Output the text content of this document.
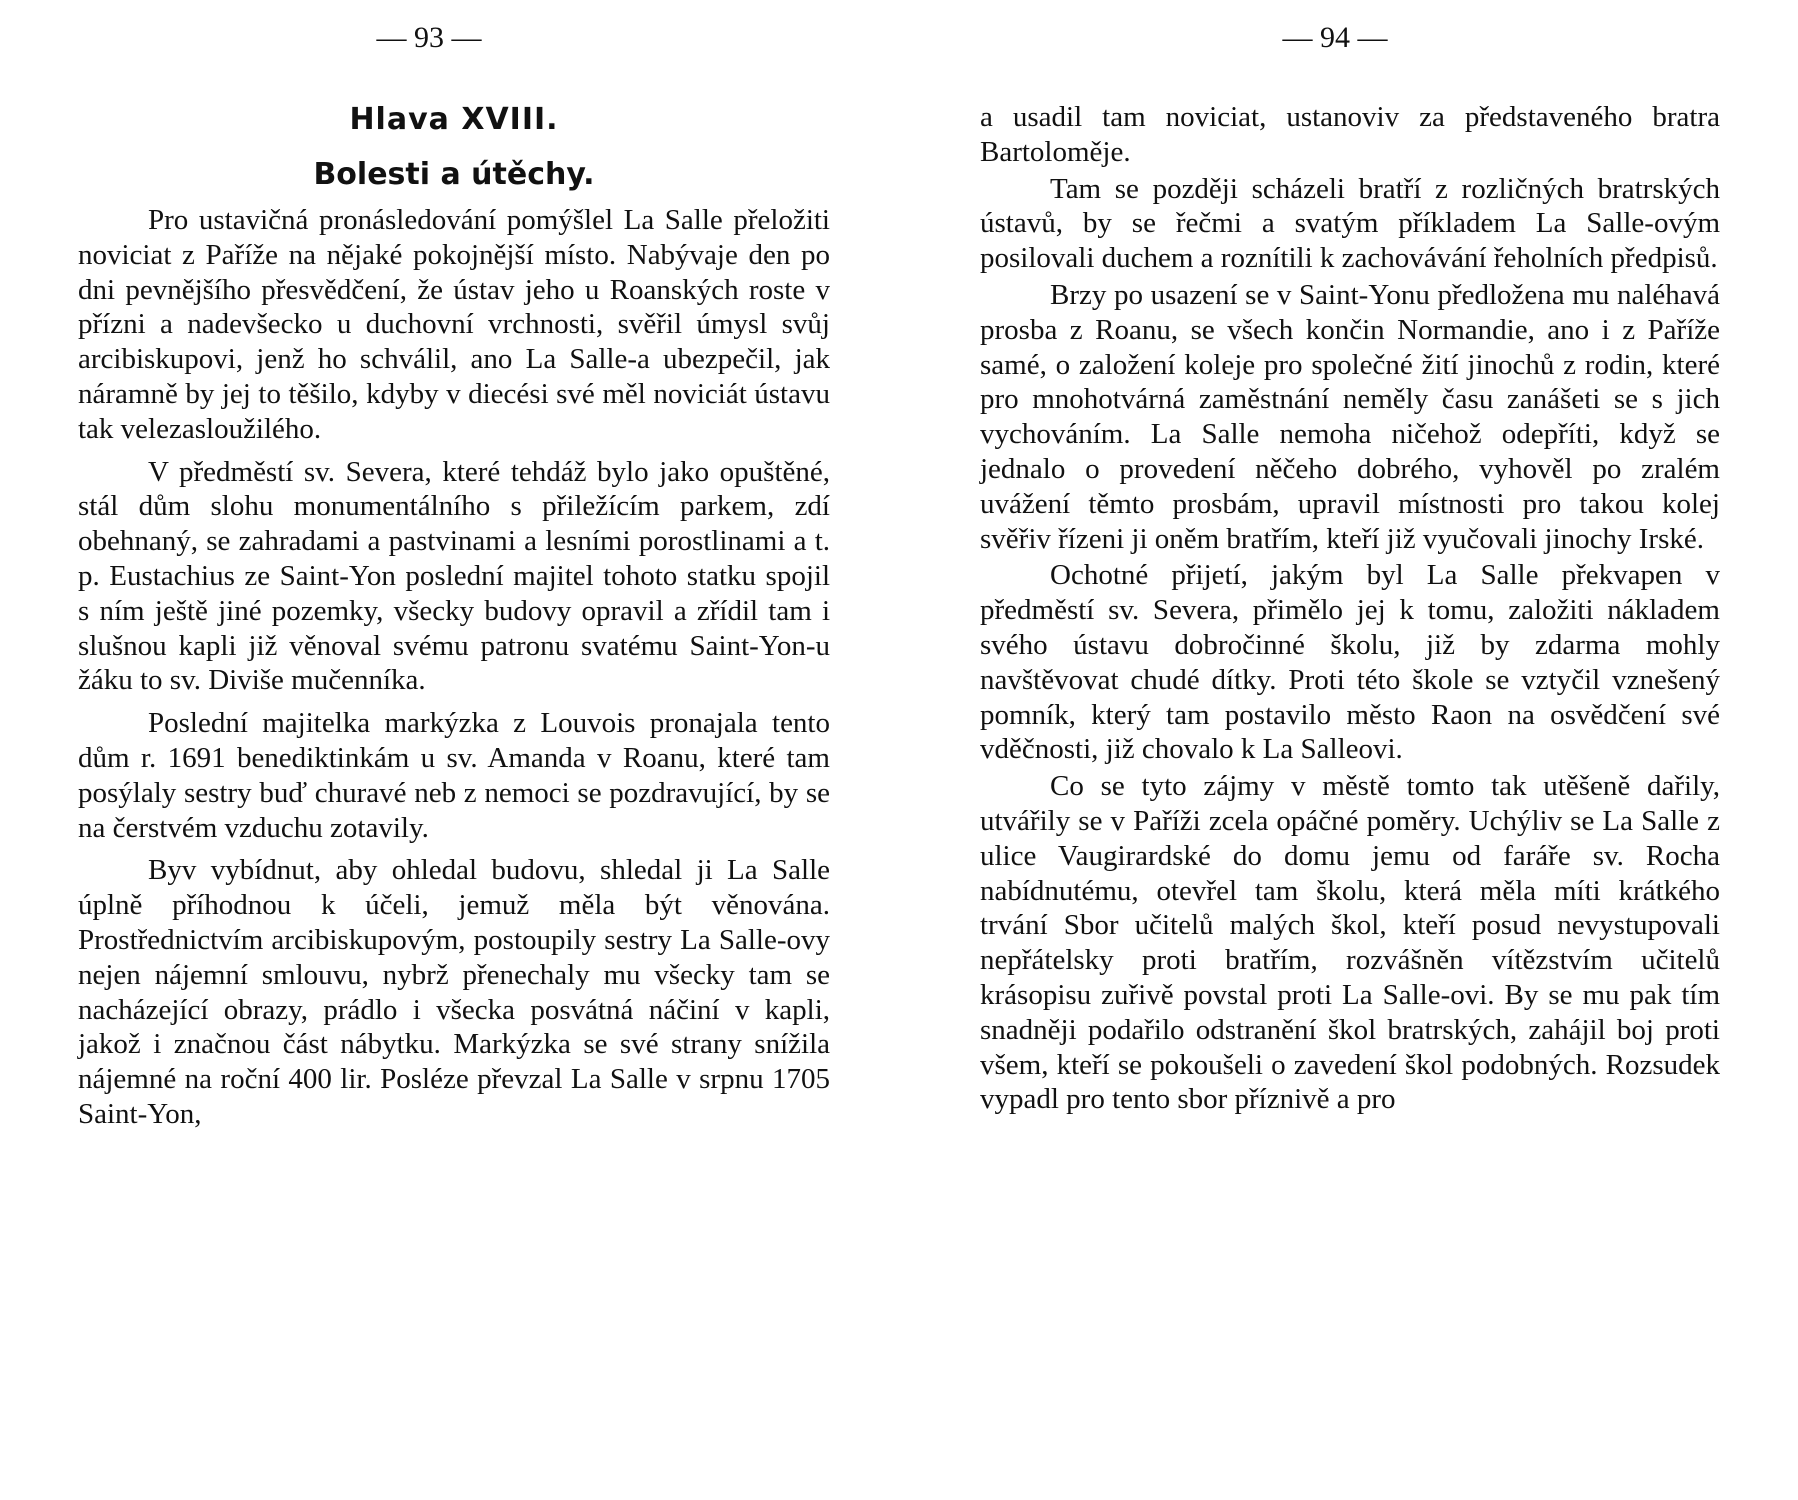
— 93 —
Hlava XVIII.
Bolesti a útěchy.

Pro ustavičná pronásledování pomýšlel La Salle přeložiti noviciat z Paříže na nějaké pokojnější místo. Nabývaje den po dni pevnějšího přesvědčení, že ústav jeho u Roanských roste v přízni a nadevšecko u duchovní vrchnosti, svěřil úmysl svůj arcibiskupovi, jenž ho schválil, ano La Salle-a ubezpečil, jak náramně by jej to těšilo, kdyby v diecési své měl noviciát ústavu tak velezasloužilého.

V předměstí sv. Severa, které tehdáž bylo jako opuštěné, stál dům slohu monumentálního s přiležícím parkem, zdí obehnaný, se zahradami a pastvinami a lesními porostlinami a t. p. Eustachius ze Saint-Yon poslední majitel tohoto statku spojil s ním ještě jiné pozemky, všecky budovy opravil a zřídil tam i slušnou kapli již věnoval svému patronu svatému Saint-Yon-u žáku to sv. Diviše mučenníka.

Poslední majitelka markýzka z Louvois pronajala tento dům r. 1691 benediktinkám u sv. Amanda v Roanu, které tam posýlaly sestry buď churavé neb z nemoci se pozdravující, by se na čerstvém vzduchu zotavily.

Byv vybídnut, aby ohledal budovu, shledal ji La Salle úplně příhodnou k účeli, jemuž měla být věnována. Prostřednictvím arcibiskupovým, postoupily sestry La Salle-ovy nejen nájemní smlouvu, nybrž přenechaly mu všecky tam se nacházející obrazy, prádlo i všecka posvátná náčiní v kapli, jakož i značnou část nábytku. Markýzka se své strany snížila nájemné na roční 400 lir. Posléze převzal La Salle v srpnu 1705 Saint-Yon,

— 94 —

a usadil tam noviciat, ustanoviv za představeného bratra Bartoloměje.

Tam se později scházeli bratří z rozličných bratrských ústavů, by se řečmi a svatým příkladem La Salle-ovým posilovali duchem a roznítili k zachovávání řeholních předpisů.

Brzy po usazení se v Saint-Yonu předložena mu naléhavá prosba z Roanu, se všech končin Normandie, ano i z Paříže samé, o založení koleje pro společné žití jinochů z rodin, které pro mnohotvárná zaměstnání neměly času zanášeti se s jich vychováním. La Salle nemoha ničehož odepříti, když se jednalo o provedení něčeho dobrého, vyhověl po zralém uvážení těmto prosbám, upravil místnosti pro takou kolej svěřiv řízeni ji oněm bratřím, kteří již vyučovali jinochy Irské.

Ochotné přijetí, jakým byl La Salle překvapen v předměstí sv. Severa, přimělo jej k tomu, založiti nákladem svého ústavu dobročinné školu, již by zdarma mohly navštěvovat chudé dítky. Proti této škole se vztyčil vznešený pomník, který tam postavilo město Raon na osvědčení své vděčnosti, již chovalo k La Salleovi.

Co se tyto zájmy v městě tomto tak utěšeně dařily, utvářily se v Paříži zcela opáčné poměry. Uchýliv se La Salle z ulice Vaugirardské do domu jemu od faráře sv. Rocha nabídnutému, otevřel tam školu, která měla míti krátkého trvání Sbor učitelů malých škol, kteří posud nevystupovali nepřátelsky proti bratřím, rozvášněn vítězstvím učitelů krásopisu zuřivě povstal proti La Salle-ovi. By se mu pak tím snadněji podařilo odstranění škol bratrských, zahájil boj proti všem, kteří se pokoušeli o zavedení škol podobných. Rozsudek vypadl pro tento sbor příznivě a pro
